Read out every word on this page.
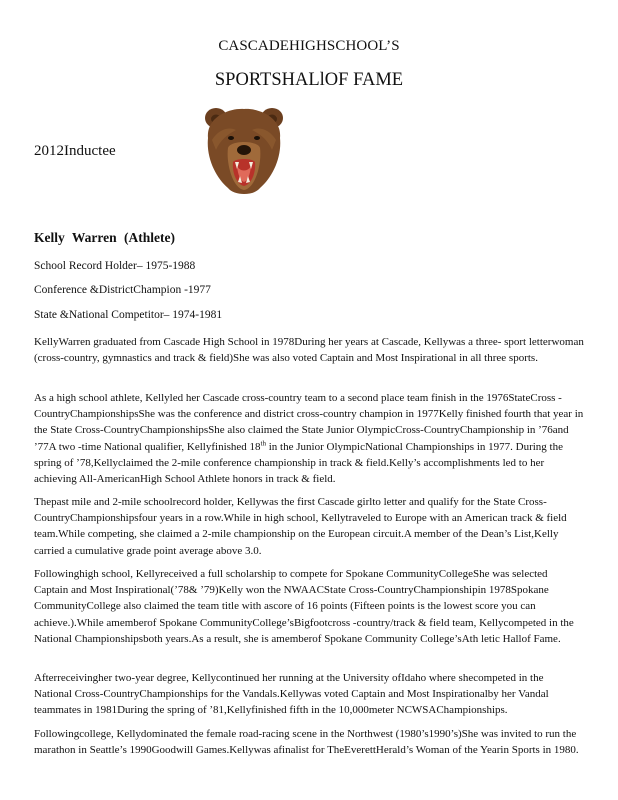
CASCADEHIGHSCHOOL’S
SPORTSHALlOF FAME
2012Inductee
Kelly Warren (Athlete)
School Record Holder– 1975-1988
Conference &DistrictChampion -1977
State &National Competitor– 1974-1981
KellyWarren graduated from Cascade High School in 1978During her years at Cascade, Kellywas a three- sport letterwoman (cross-country, gymnastics and track & field)She was also voted Captain and Most Inspirational in all three sports.
As a high school athlete, Kellyled her Cascade cross-country team to a second place team finish in the 1976StateCross -CountryChampionshipsShe was the conference and district cross-country champion in 1977Kelly finished fourth that year in the State Cross-CountryChampionshipsShe also claimed the State Junior OlympicCross-CountryChampionship in ’76and ’77A two -time National qualifier, Kellyfinished 18th in the Junior OlympicNational Championships in 1977. During the spring of ’78,Kellyclaimed the 2-mile conference championship in track & field.Kelly’s accomplishments led to her achieving All-AmericanHigh School Athlete honors in track & field.
Thepast mile and 2-mile schoolrecord holder, Kellywas the first Cascade girlto letter and qualify for the State Cross-CountryChampionshipsfour years in a row.While in high school, Kellytraveled to Europe with an American track & field team.While competing, she claimed a 2-mile championship on the European circuit.A member of the Dean’s List,Kelly carried a cumulative grade point average above 3.0.
Followinghigh school, Kellyreceived a full scholarship to compete for Spokane CommunityCollegeShe was selected Captain and Most Inspirational(’78& ’79)Kelly won the NWAACState Cross-CountryChampionshipin 1978Spokane CommunityCollege also claimed the team title with ascore of 16 points (Fifteen points is the lowest score you can achieve.).While amemberof Spokane CommunityCollege’sBigfootcross -country/track & field team, Kellycompeted in the National Championshipsboth years.As a result, she is amemberof Spokane Community College’sAth letic Hallof Fame.
Afterreceivingher two-year degree, Kellycontinued her running at the University ofIdaho where shecompeted in the National Cross-CountryChampionships for the Vandals.Kellywas voted Captain and Most Inspirationalby her Vandal teammates in 1981During the spring of ’81,Kellyfinished fifth in the 10,000meter NCWSAChampionships.
Followingcollege, Kellydominated the female road-racing scene in the Northwest (1980’s1990’s)She was invited to run the marathon in Seattle’s 1990Goodwill Games.Kellywas afinalist for TheEverettHerald’s Woman of the Yearin Sports in 1980.
